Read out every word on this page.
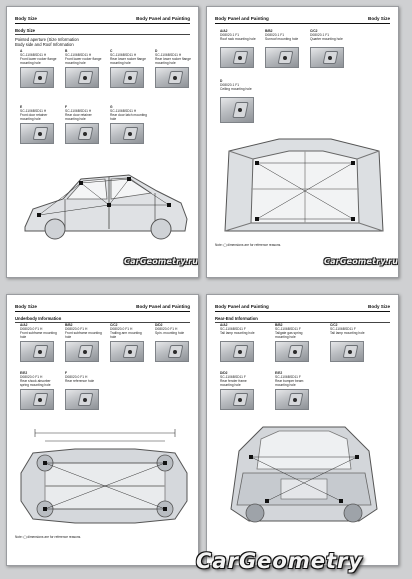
Body Size	Body Panel and Painting
Body Size
Pointed aperture (Size Information
Body side and Roof Information
A
SC-1106BSD11 H
Front lower rocker flange mounting hole
B
SC-1106BSD11 H
Front lower rocker flange mounting hole
C
SC-1106BSD11 H
Rear lower rocker flange mounting hole
D
SC-1106BSD11 H
Rear lower rocker flange mounting hole
E
SC-1106BSD11 H
Front door retainer mounting hole
F
SC-1106BSD11 H
Rear door retainer mounting hole
G
SC-1106BSD11 H
Rear door latch mounting hole
CarGeometry.ru
Body Panel and Painting	Body Size
A/A2
D08020.1 F1
Roof rack mounting hole
B/B2
D08020.1 F1
Sunroof mounting hole
C/C2
D08020.1 F1
Quarter mounting hole
D
D08020.1 F1
Ceiling mounting hole
Note: ( ) dimensions are for reference reasons.
CarGeometry.ru
Body Size	Body Panel and Painting
Underbody Information
A/A2
D08020.0 F1 H
Front subframe mounting hole
B/B2
D08020.0 F1 H
Front subframe mounting hole
C/C2
D08020.0 F1 H
Trailing arm mounting hole
D/D2
D08020.0 F1 H
Spin. mounting hole
E/E2
D08020.0 F1 H
Rear shock absorber spring mounting hole
F
D08020.0 F1 H
Rear reference hole
Note: ( ) dimensions are for reference reasons.
Body Panel and Painting	Body Size
Rear-End Information
A/A2
SC-1106BSD11 F
Tail lamp mounting hole
B/B2
SC-1106BSD11 F
Tailgate gas spring mounting hole
C/C2
SC-1106BSD11 F
Tail lamp mounting hole
D/D2
SC-1106BSD11 F
Rear fender frame mounting hole
E/E2
SC-1106BSD11 F
Rear bumper beam mounting hole
CarGeometry
